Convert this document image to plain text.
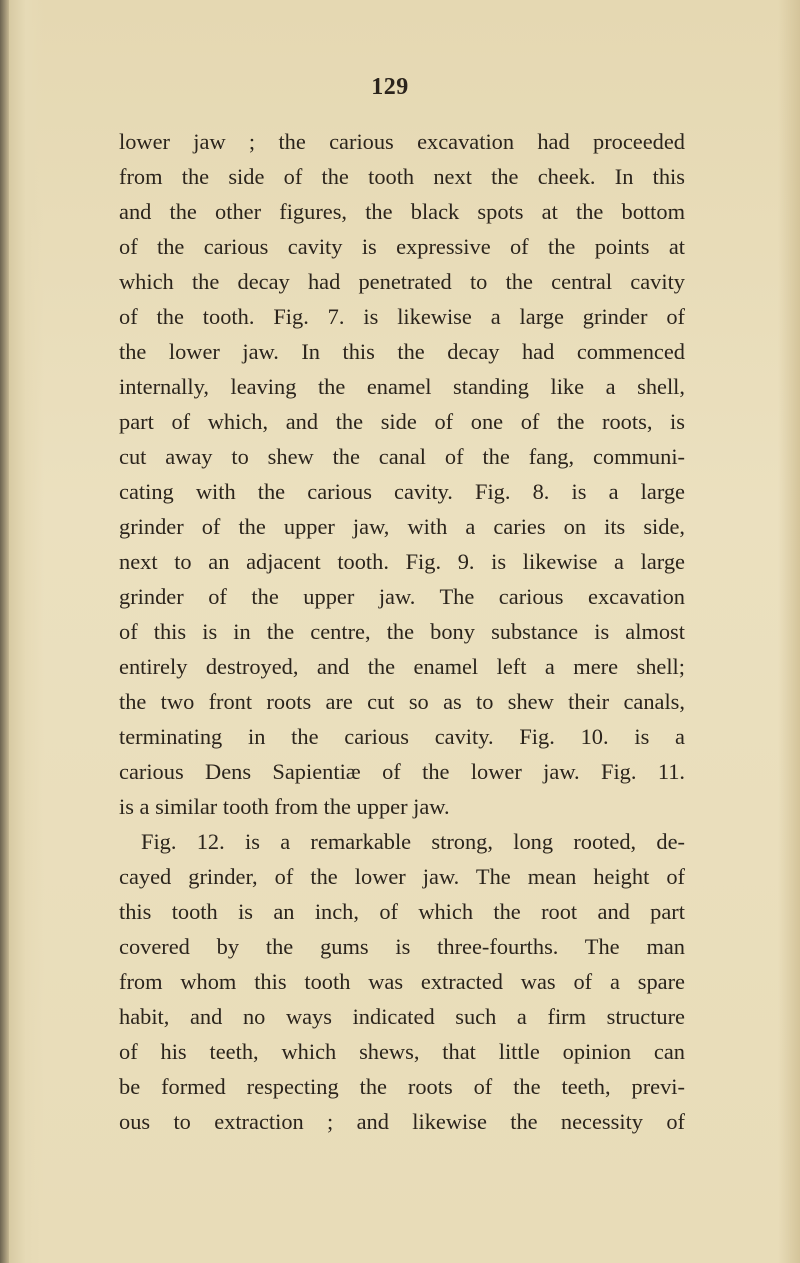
129
lower jaw ; the carious excavation had proceeded
from the side of the tooth next the cheek. In this
and the other figures, the black spots at the bottom
of the carious cavity is expressive of the points at
which the decay had penetrated to the central cavity
of the tooth. Fig. 7. is likewise a large grinder of
the lower jaw. In this the decay had commenced
internally, leaving the enamel standing like a shell,
part of which, and the side of one of the roots, is
cut away to shew the canal of the fang, communi-
cating with the carious cavity. Fig. 8. is a large
grinder of the upper jaw, with a caries on its side,
next to an adjacent tooth. Fig. 9. is likewise a large
grinder of the upper jaw. The carious excavation
of this is in the centre, the bony substance is almost
entirely destroyed, and the enamel left a mere shell;
the two front roots are cut so as to shew their canals,
terminating in the carious cavity. Fig. 10. is a
carious Dens Sapientiæ of the lower jaw. Fig. 11.
is a similar tooth from the upper jaw.
Fig. 12. is a remarkable strong, long rooted, de-
cayed grinder, of the lower jaw. The mean height of
this tooth is an inch, of which the root and part
covered by the gums is three-fourths. The man
from whom this tooth was extracted was of a spare
habit, and no ways indicated such a firm structure
of his teeth, which shews, that little opinion can
be formed respecting the roots of the teeth, previ-
ous to extraction ; and likewise the necessity of
